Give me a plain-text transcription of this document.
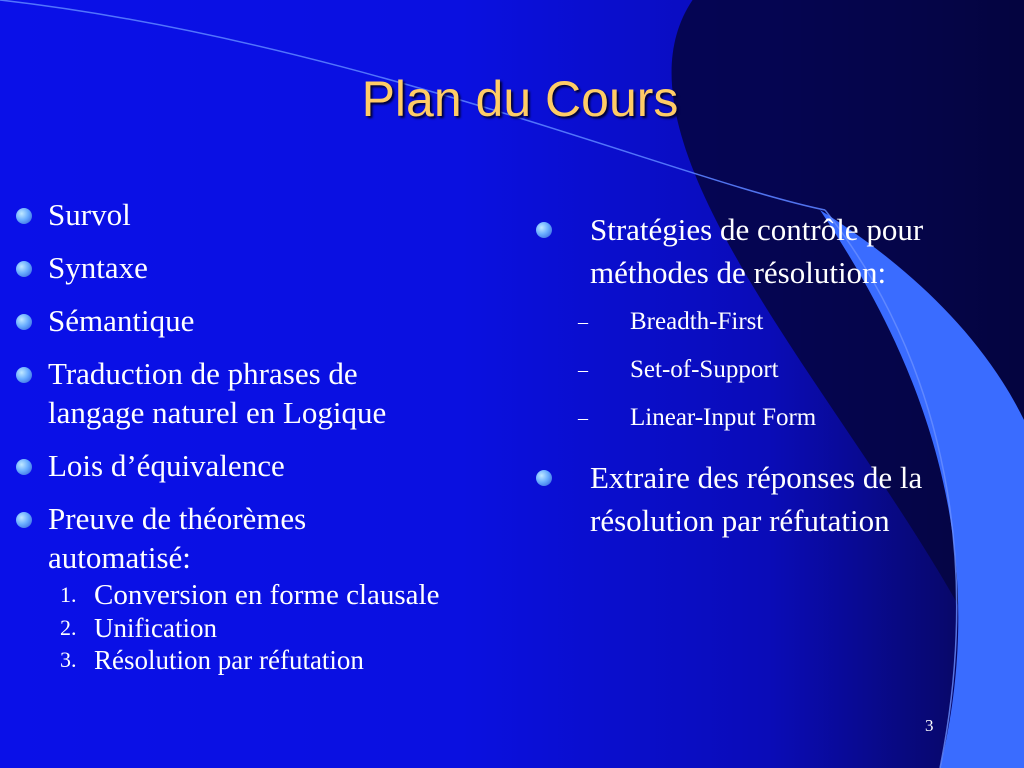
Plan du Cours
Survol
Syntaxe
Sémantique
Traduction de phrases de langage naturel en Logique
Lois d’équivalence
Preuve de théorèmes automatisé:
1. Conversion en forme clausale
2. Unification
3. Résolution par réfutation
Stratégies de contrôle pour méthodes de résolution:
– Breadth-First
– Set-of-Support
– Linear-Input Form
Extraire des réponses de la résolution par réfutation
3
